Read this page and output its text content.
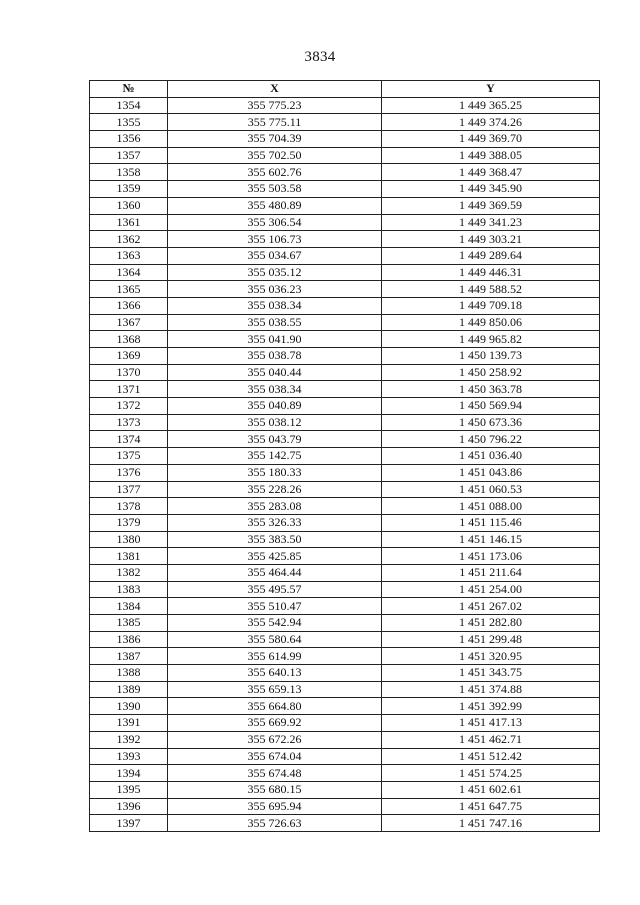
3834
№	X	Y
1354	355 775.23	1 449 365.25
1355	355 775.11	1 449 374.26
1356	355 704.39	1 449 369.70
1357	355 702.50	1 449 388.05
1358	355 602.76	1 449 368.47
1359	355 503.58	1 449 345.90
1360	355 480.89	1 449 369.59
1361	355 306.54	1 449 341.23
1362	355 106.73	1 449 303.21
1363	355 034.67	1 449 289.64
1364	355 035.12	1 449 446.31
1365	355 036.23	1 449 588.52
1366	355 038.34	1 449 709.18
1367	355 038.55	1 449 850.06
1368	355 041.90	1 449 965.82
1369	355 038.78	1 450 139.73
1370	355 040.44	1 450 258.92
1371	355 038.34	1 450 363.78
1372	355 040.89	1 450 569.94
1373	355 038.12	1 450 673.36
1374	355 043.79	1 450 796.22
1375	355 142.75	1 451 036.40
1376	355 180.33	1 451 043.86
1377	355 228.26	1 451 060.53
1378	355 283.08	1 451 088.00
1379	355 326.33	1 451 115.46
1380	355 383.50	1 451 146.15
1381	355 425.85	1 451 173.06
1382	355 464.44	1 451 211.64
1383	355 495.57	1 451 254.00
1384	355 510.47	1 451 267.02
1385	355 542.94	1 451 282.80
1386	355 580.64	1 451 299.48
1387	355 614.99	1 451 320.95
1388	355 640.13	1 451 343.75
1389	355 659.13	1 451 374.88
1390	355 664.80	1 451 392.99
1391	355 669.92	1 451 417.13
1392	355 672.26	1 451 462.71
1393	355 674.04	1 451 512.42
1394	355 674.48	1 451 574.25
1395	355 680.15	1 451 602.61
1396	355 695.94	1 451 647.75
1397	355 726.63	1 451 747.16
